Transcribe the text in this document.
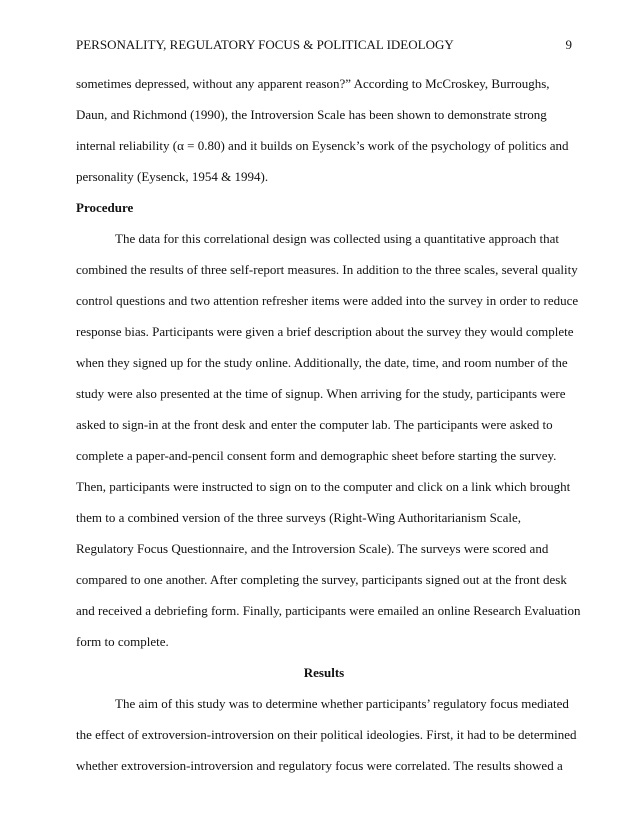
PERSONALITY, REGULATORY FOCUS & POLITICAL IDEOLOGY	9
sometimes depressed, without any apparent reason?” According to McCroskey, Burroughs,
Daun, and Richmond (1990), the Introversion Scale has been shown to demonstrate strong
internal reliability (α = 0.80) and it builds on Eysenck’s work of the psychology of politics and
personality (Eysenck, 1954 & 1994).
Procedure
The data for this correlational design was collected using a quantitative approach that
combined the results of three self-report measures. In addition to the three scales, several quality
control questions and two attention refresher items were added into the survey in order to reduce
response bias. Participants were given a brief description about the survey they would complete
when they signed up for the study online. Additionally, the date, time, and room number of the
study were also presented at the time of signup. When arriving for the study, participants were
asked to sign-in at the front desk and enter the computer lab. The participants were asked to
complete a paper-and-pencil consent form and demographic sheet before starting the survey.
Then, participants were instructed to sign on to the computer and click on a link which brought
them to a combined version of the three surveys (Right-Wing Authoritarianism Scale,
Regulatory Focus Questionnaire, and the Introversion Scale). The surveys were scored and
compared to one another. After completing the survey, participants signed out at the front desk
and received a debriefing form. Finally, participants were emailed an online Research Evaluation
form to complete.
Results
The aim of this study was to determine whether participants’ regulatory focus mediated
the effect of extroversion-introversion on their political ideologies. First, it had to be determined
whether extroversion-introversion and regulatory focus were correlated. The results showed a
